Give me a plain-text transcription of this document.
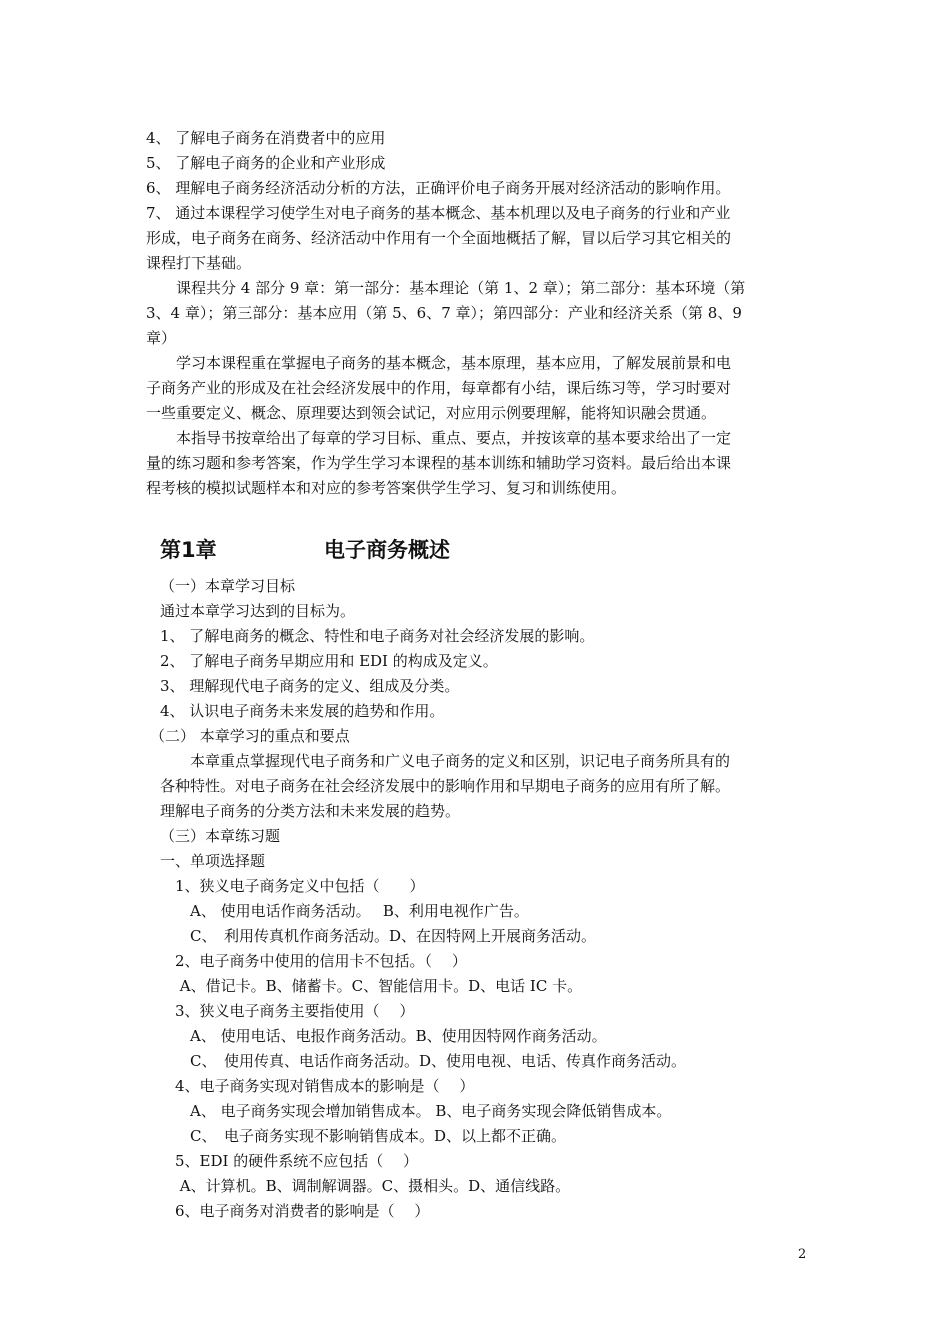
4、 了解电子商务在消费者中的应用
5、 了解电子商务的企业和产业形成
6、 理解电子商务经济活动分析的方法，正确评价电子商务开展对经济活动的影响作用。
7、 通过本课程学习使学生对电子商务的基本概念、基本机理以及电子商务的行业和产业
形成，电子商务在商务、经济活动中作用有一个全面地概括了解，冒以后学习其它相关的
课程打下基础。
　　课程共分 4 部分 9 章：第一部分：基本理论（第 1、2 章）；第二部分：基本环境（第
3、4 章）；第三部分：基本应用（第 5、6、7 章）；第四部分：产业和经济关系（第 8、9
章）
　　学习本课程重在掌握电子商务的基本概念，基本原理，基本应用，了解发展前景和电
子商务产业的形成及在社会经济发展中的作用，每章都有小结，课后练习等，学习时要对
一些重要定义、概念、原理要达到领会试记，对应用示例要理解，能将知识融会贯通。
　　本指导书按章给出了每章的学习目标、重点、要点，并按该章的基本要求给出了一定
量的练习题和参考答案，作为学生学习本课程的基本训练和辅助学习资料。最后给出本课
程考核的模拟试题样本和对应的参考答案供学生学习、复习和训练使用。
第1章	电子商务概述
（一）本章学习目标
通过本章学习达到的目标为。
1、 了解电商务的概念、特性和电子商务对社会经济发展的影响。
2、 了解电子商务早期应用和 EDI 的构成及定义。
3、 理解现代电子商务的定义、组成及分类。
4、 认识电子商务未来发展的趋势和作用。
（二） 本章学习的重点和要点
　　本章重点掌握现代电子商务和广义电子商务的定义和区别，识记电子商务所具有的
各种特性。对电子商务在社会经济发展中的影响作用和早期电子商务的应用有所了解。
理解电子商务的分类方法和未来发展的趋势。
（三）本章练习题
一、单项选择题
　1、狭义电子商务定义中包括（　　）
　　A、 使用电话作商务活动。　 B、利用电视作广告。
　　C、　利用传真机作商务活动。D、在因特网上开展商务活动。
　2、电子商务中使用的信用卡不包括。（　 ）
　 A、借记卡。B、储蓄卡。C、智能信用卡。D、电话 IC 卡。
　3、狭义电子商务主要指使用（　 ）
　　A、 使用电话、电报作商务活动。B、使用因特网作商务活动。
　　C、　使用传真、电话作商务活动。D、使用电视、电话、传真作商务活动。
　4、电子商务实现对销售成本的影响是（　 ）
　　A、 电子商务实现会增加销售成本。 B、电子商务实现会降低销售成本。
　　C、　电子商务实现不影响销售成本。D、以上都不正确。
　5、EDI 的硬件系统不应包括（　 ）
　 A、计算机。B、调制解调器。C、摄相头。D、通信线路。
　6、电子商务对消费者的影响是（　 ）
2
